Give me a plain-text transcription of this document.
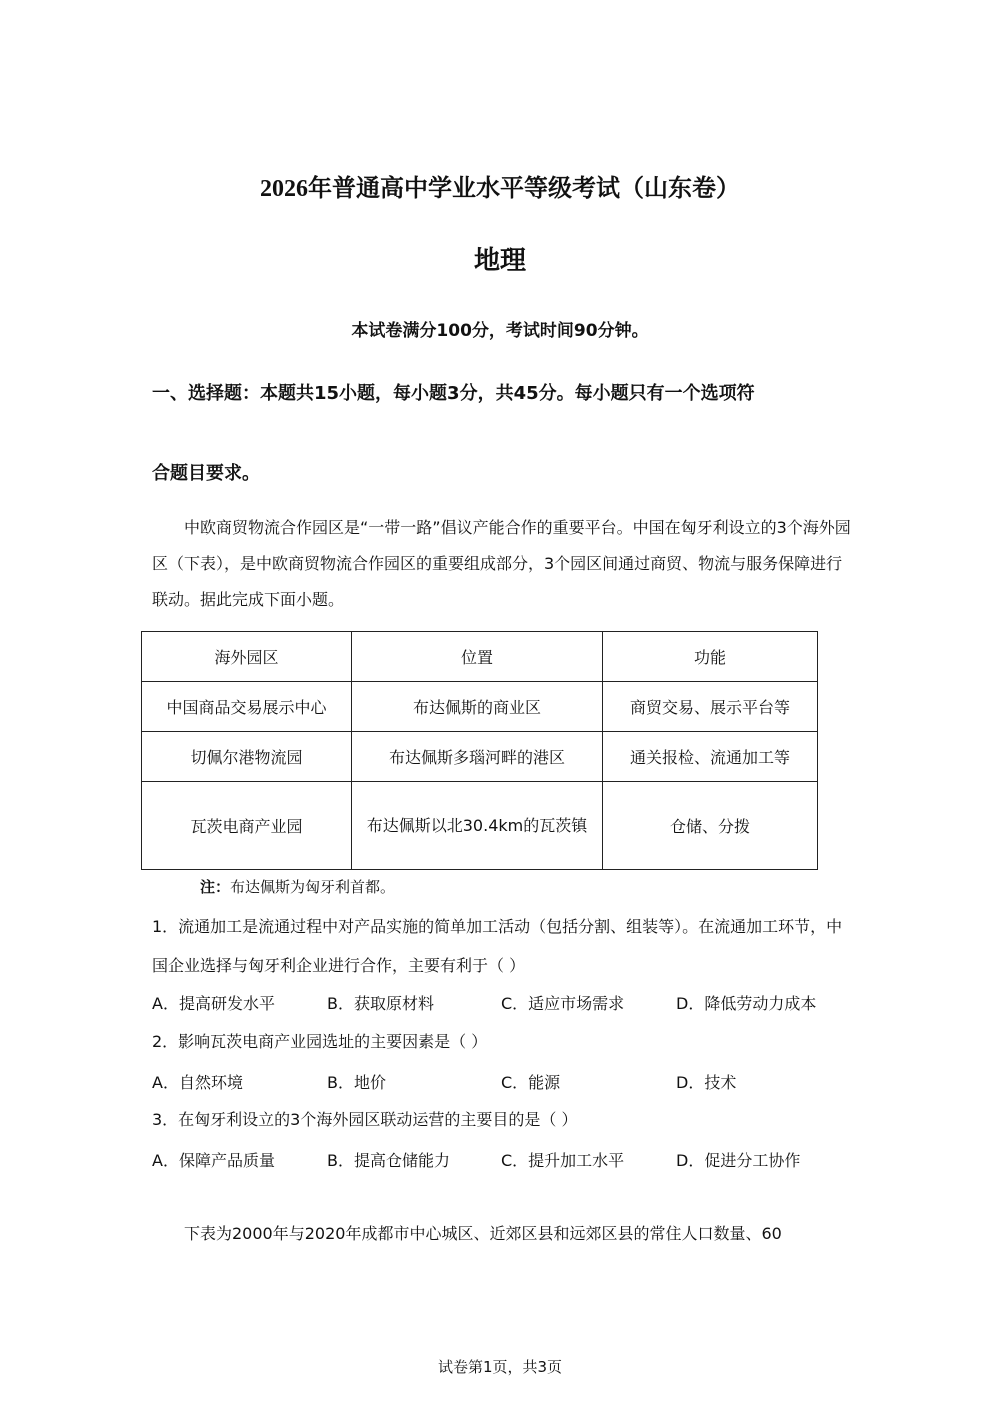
2026年普通高中学业水平等级考试（山东卷）
地理
本试卷满分100分，考试时间90分钟。
一、选择题：本题共15小题，每小题3分，共45分。每小题只有一个选项符
合题目要求。
中欧商贸物流合作园区是“一带一路”倡议产能合作的重要平台。中国在匈牙利设立的3个海外园区（下表），是中欧商贸物流合作园区的重要组成部分，3个园区间通过商贸、物流与服务保障进行联动。据此完成下面小题。
海外园区	位置	功能
中国商品交易展示中心	布达佩斯的商业区	商贸交易、展示平台等
切佩尔港物流园	布达佩斯多瑙河畔的港区	通关报检、流通加工等
瓦茨电商产业园	布达佩斯以北30.4km的瓦茨镇	仓储、分拨
注：布达佩斯为匈牙利首都。
1．流通加工是流通过程中对产品实施的简单加工活动（包括分割、组装等）。在流通加工环节，中国企业选择与匈牙利企业进行合作，主要有利于（ ）
A．提高研发水平	B．获取原材料	C．适应市场需求	D．降低劳动力成本
2．影响瓦茨电商产业园选址的主要因素是（ ）
A．自然环境	B．地价	C．能源	D．技术
3．在匈牙利设立的3个海外园区联动运营的主要目的是（ ）
A．保障产品质量	B．提高仓储能力	C．提升加工水平	D．促进分工协作
下表为2000年与2020年成都市中心城区、近郊区县和远郊区县的常住人口数量、60
试卷第1页，共3页
